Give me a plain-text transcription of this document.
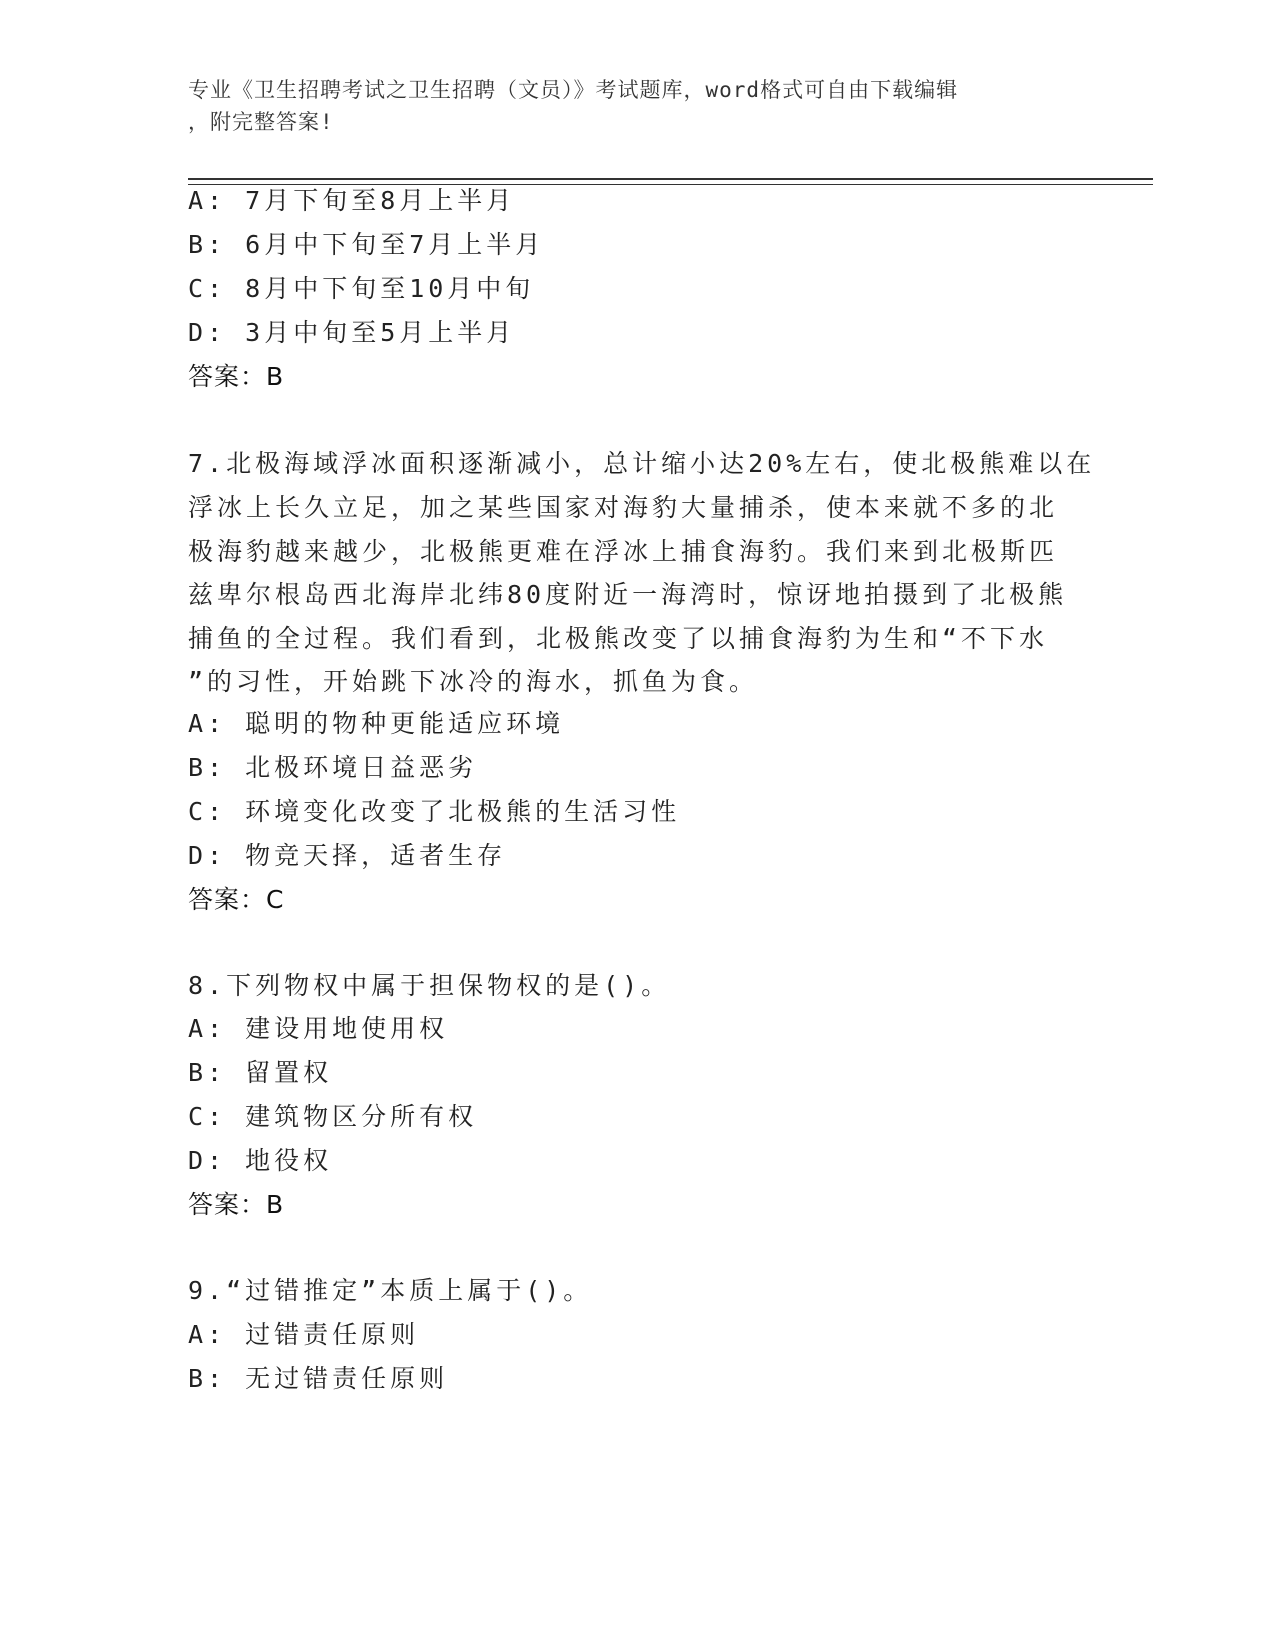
专业《卫生招聘考试之卫生招聘（文员）》考试题库，word格式可自由下载编辑
，附完整答案!
A: 7月下旬至8月上半月
B: 6月中下旬至7月上半月
C: 8月中下旬至10月中旬
D: 3月中旬至5月上半月
答案：B
7.北极海域浮冰面积逐渐减小，总计缩小达20%左右，使北极熊难以在
浮冰上长久立足，加之某些国家对海豹大量捕杀，使本来就不多的北
极海豹越来越少，北极熊更难在浮冰上捕食海豹。我们来到北极斯匹
兹卑尔根岛西北海岸北纬80度附近一海湾时，惊讶地拍摄到了北极熊
捕鱼的全过程。我们看到，北极熊改变了以捕食海豹为生和“不下水
”的习性，开始跳下冰冷的海水，抓鱼为食。
A: 聪明的物种更能适应环境
B: 北极环境日益恶劣
C: 环境变化改变了北极熊的生活习性
D: 物竞天择，适者生存
答案：C
8.下列物权中属于担保物权的是()。
A: 建设用地使用权
B: 留置权
C: 建筑物区分所有权
D: 地役权
答案：B
9.“过错推定”本质上属于()。
A: 过错责任原则
B: 无过错责任原则
